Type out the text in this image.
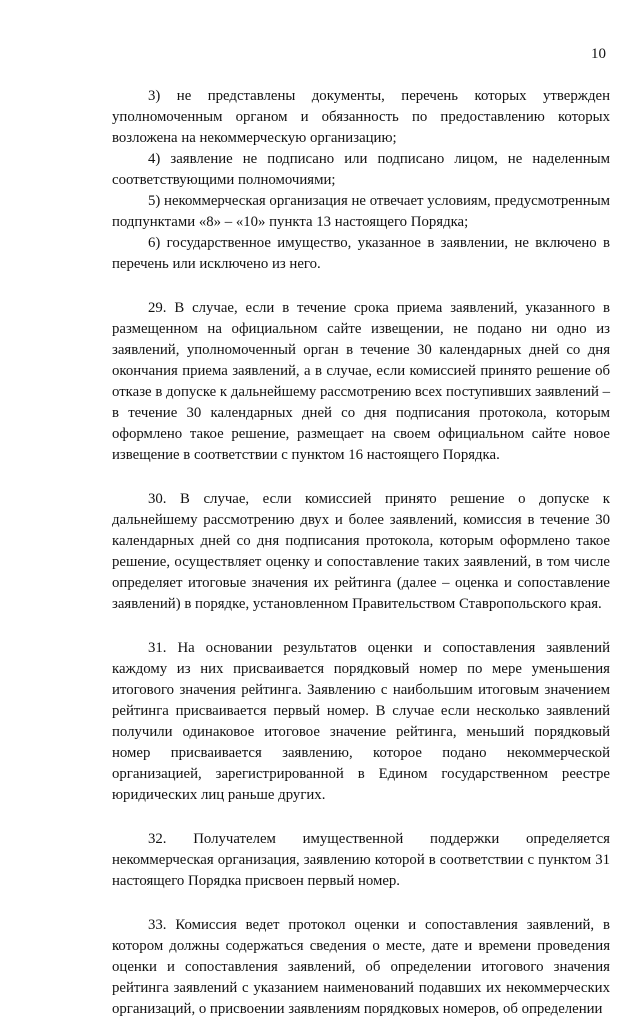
10

3) не представлены документы, перечень которых утвержден уполномоченным органом и обязанность по предоставлению которых возложена на некоммерческую организацию;

4) заявление не подписано или подписано лицом, не наделенным соответствующими полномочиями;

5) некоммерческая организация не отвечает условиям, предусмотренным подпунктами «8» – «10» пункта 13 настоящего Порядка;

6) государственное имущество, указанное в заявлении, не включено в перечень или исключено из него.

29. В случае, если в течение срока приема заявлений, указанного в размещенном на официальном сайте извещении, не подано ни одно из заявлений, уполномоченный орган в течение 30 календарных дней со дня окончания приема заявлений, а в случае, если комиссией принято решение об отказе в допуске к дальнейшему рассмотрению всех поступивших заявлений – в течение 30 календарных дней со дня подписания протокола, которым оформлено такое решение, размещает на своем официальном сайте новое извещение в соответствии с пунктом 16 настоящего Порядка.

30. В случае, если комиссией принято решение о допуске к дальнейшему рассмотрению двух и более заявлений, комиссия в течение 30 календарных дней со дня подписания протокола, которым оформлено такое решение, осуществляет оценку и сопоставление таких заявлений, в том числе определяет итоговые значения их рейтинга (далее – оценка и сопоставление заявлений) в порядке, установленном Правительством Ставропольского края.

31. На основании результатов оценки и сопоставления заявлений каждому из них присваивается порядковый номер по мере уменьшения итогового значения рейтинга. Заявлению с наибольшим итоговым значением рейтинга присваивается первый номер. В случае если несколько заявлений получили одинаковое итоговое значение рейтинга, меньший порядковый номер присваивается заявлению, которое подано некоммерческой организацией, зарегистрированной в Едином государственном реестре юридических лиц раньше других.

32. Получателем имущественной поддержки определяется некоммерческая организация, заявлению которой в соответствии с пунктом 31 настоящего Порядка присвоен первый номер.

33. Комиссия ведет протокол оценки и сопоставления заявлений, в котором должны содержаться сведения о месте, дате и времени проведения оценки и сопоставления заявлений, об определении итогового значения рейтинга заявлений с указанием наименований подавших их некоммерческих организаций, о присвоении заявлениям порядковых номеров, об определении
